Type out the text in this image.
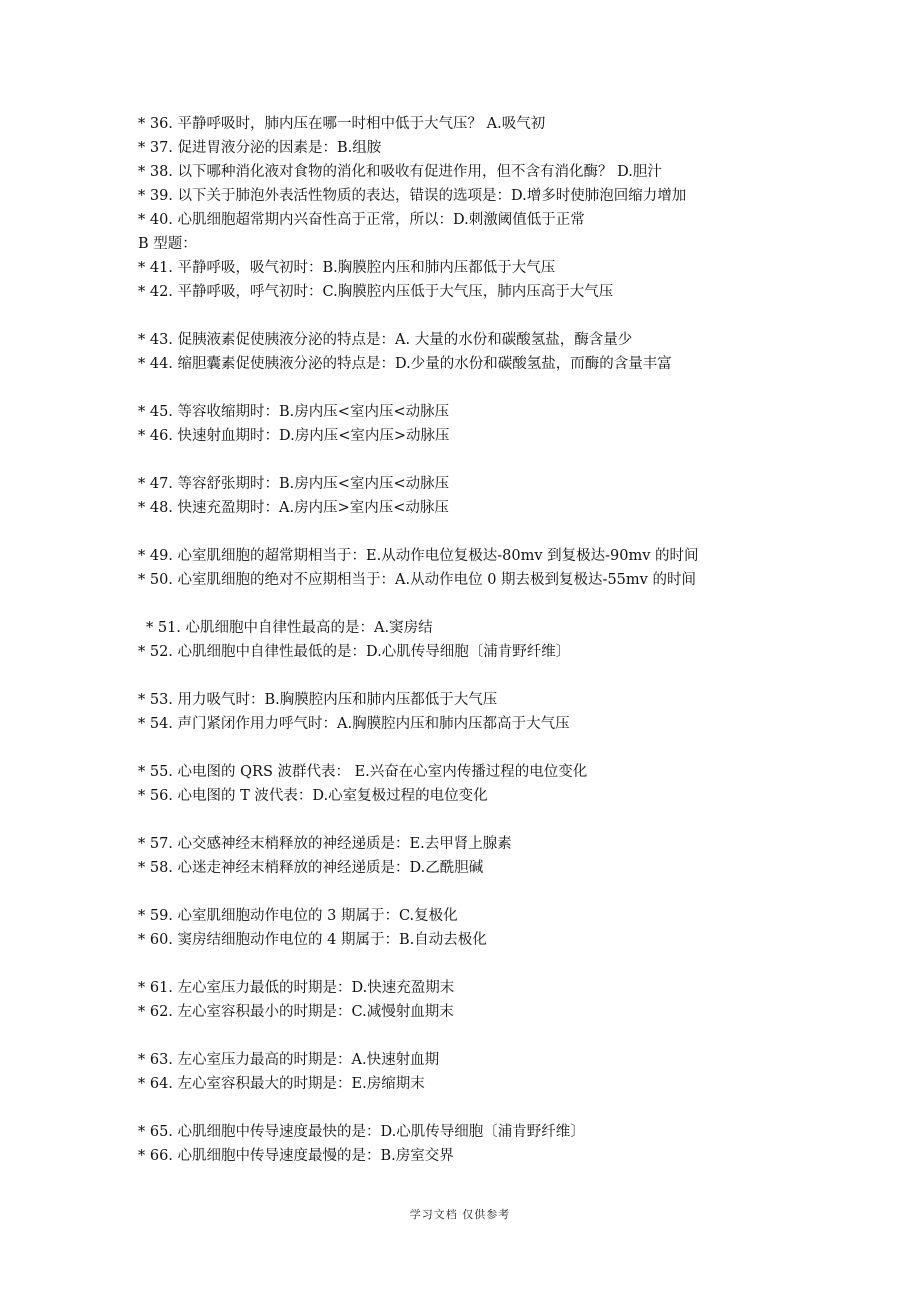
* 36. 平静呼吸时，肺内压在哪一时相中低于大气压？ A.吸气初
* 37. 促进胃液分泌的因素是：B.组胺
* 38. 以下哪种消化液对食物的消化和吸收有促进作用，但不含有消化酶？ D.胆汁
* 39. 以下关于肺泡外表活性物质的表达，错误的选项是：D.增多时使肺泡回缩力增加
* 40. 心肌细胞超常期内兴奋性高于正常，所以：D.刺激阈值低于正常
B 型题：
* 41. 平静呼吸，吸气初时：B.胸膜腔内压和肺内压都低于大气压
* 42. 平静呼吸，呼气初时：C.胸膜腔内压低于大气压，肺内压高于大气压
* 43. 促胰液素促使胰液分泌的特点是：A. 大量的水份和碳酸氢盐，酶含量少
* 44. 缩胆囊素促使胰液分泌的特点是：D.少量的水份和碳酸氢盐，而酶的含量丰富
* 45. 等容收缩期时：B.房内压<室内压<动脉压
* 46. 快速射血期时：D.房内压<室内压>动脉压
* 47. 等容舒张期时：B.房内压<室内压<动脉压
* 48. 快速充盈期时：A.房内压>室内压<动脉压
* 49. 心室肌细胞的超常期相当于：E.从动作电位复极达-80mv 到复极达-90mv 的时间
* 50. 心室肌细胞的绝对不应期相当于：A.从动作电位 0 期去极到复极达-55mv 的时间
* 51. 心肌细胞中自律性最高的是：A.窦房结
* 52. 心肌细胞中自律性最低的是：D.心肌传导细胞〔浦肯野纤维〕
* 53. 用力吸气时：B.胸膜腔内压和肺内压都低于大气压
* 54. 声门紧闭作用力呼气时：A.胸膜腔内压和肺内压都高于大气压
* 55. 心电图的 QRS 波群代表： E.兴奋在心室内传播过程的电位变化
* 56. 心电图的 T 波代表：D.心室复极过程的电位变化
* 57. 心交感神经末梢释放的神经递质是：E.去甲肾上腺素
* 58. 心迷走神经末梢释放的神经递质是：D.乙酰胆碱
* 59. 心室肌细胞动作电位的 3 期属于：C.复极化
* 60. 窦房结细胞动作电位的 4 期属于：B.自动去极化
* 61. 左心室压力最低的时期是：D.快速充盈期末
* 62. 左心室容积最小的时期是：C.减慢射血期末
* 63. 左心室压力最高的时期是：A.快速射血期
* 64. 左心室容积最大的时期是：E.房缩期末
* 65. 心肌细胞中传导速度最快的是：D.心肌传导细胞〔浦肯野纤维〕
* 66. 心肌细胞中传导速度最慢的是：B.房室交界
学习文档 仅供参考
